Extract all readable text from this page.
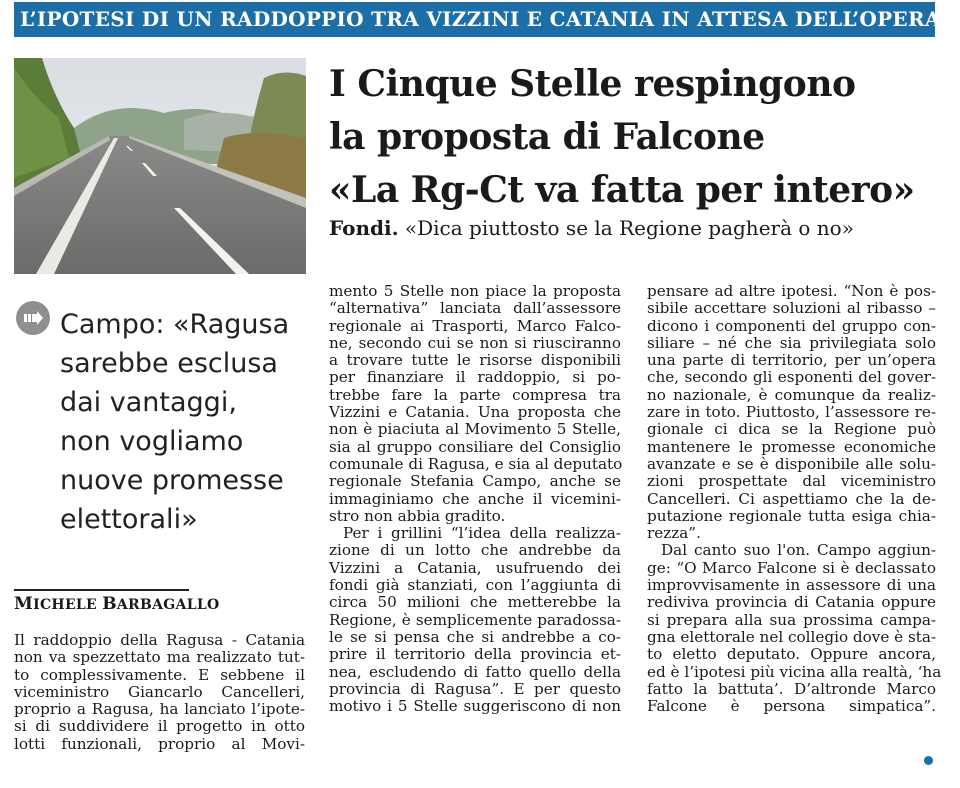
L’IPOTESI DI UN RADDOPPIO TRA VIZZINI E CATANIA IN ATTESA DELL’OPERA
I Cinque Stelle respingono
la proposta di Falcone
«La Rg-Ct va fatta per intero»
Fondi. «Dica piuttosto se la Regione pagherà o no»
Campo: «Ragusa
sarebbe esclusa
dai vantaggi,
non vogliamo
nuove promesse
elettorali»
MICHELE BARBAGALLO
Il raddoppio della Ragusa - Catania
non va spezzettato ma realizzato tut-
to complessivamente. E sebbene il
viceministro Giancarlo Cancelleri,
proprio a Ragusa, ha lanciato l’ipote-
si di suddividere il progetto in otto
lotti funzionali, proprio al Movi-
mento 5 Stelle non piace la proposta
“alternativa” lanciata dall’assessore
regionale ai Trasporti, Marco Falco-
ne, secondo cui se non si riusciranno
a trovare tutte le risorse disponibili
per finanziare il raddoppio, si po-
trebbe fare la parte compresa tra
Vizzini e Catania. Una proposta che
non è piaciuta al Movimento 5 Stelle,
sia al gruppo consiliare del Consiglio
comunale di Ragusa, e sia al deputato
regionale Stefania Campo, anche se
immaginiamo che anche il vicemini-
stro non abbia gradito.
Per i grillini “l’idea della realizza-
zione di un lotto che andrebbe da
Vizzini a Catania, usufruendo dei
fondi già stanziati, con l’aggiunta di
circa 50 milioni che metterebbe la
Regione, è semplicemente paradossa-
le se si pensa che si andrebbe a co-
prire il territorio della provincia et-
nea, escludendo di fatto quello della
provincia di Ragusa”. E per questo
motivo i 5 Stelle suggeriscono di non
pensare ad altre ipotesi. “Non è pos-
sibile accettare soluzioni al ribasso –
dicono i componenti del gruppo con-
siliare – né che sia privilegiata solo
una parte di territorio, per un’opera
che, secondo gli esponenti del gover-
no nazionale, è comunque da realiz-
zare in toto. Piuttosto, l’assessore re-
gionale ci dica se la Regione può
mantenere le promesse economiche
avanzate e se è disponibile alle solu-
zioni prospettate dal viceministro
Cancelleri. Ci aspettiamo che la de-
putazione regionale tutta esiga chia-
rezza”.
Dal canto suo l'on. Campo aggiun-
ge: “O Marco Falcone si è declassato
improvvisamente in assessore di una
rediviva provincia di Catania oppure
si prepara alla sua prossima campa-
gna elettorale nel collegio dove è sta-
to eletto deputato. Oppure ancora,
ed è l’ipotesi più vicina alla realtà, ‘ha
fatto la battuta’. D’altronde Marco
Falcone è persona simpatica”.
